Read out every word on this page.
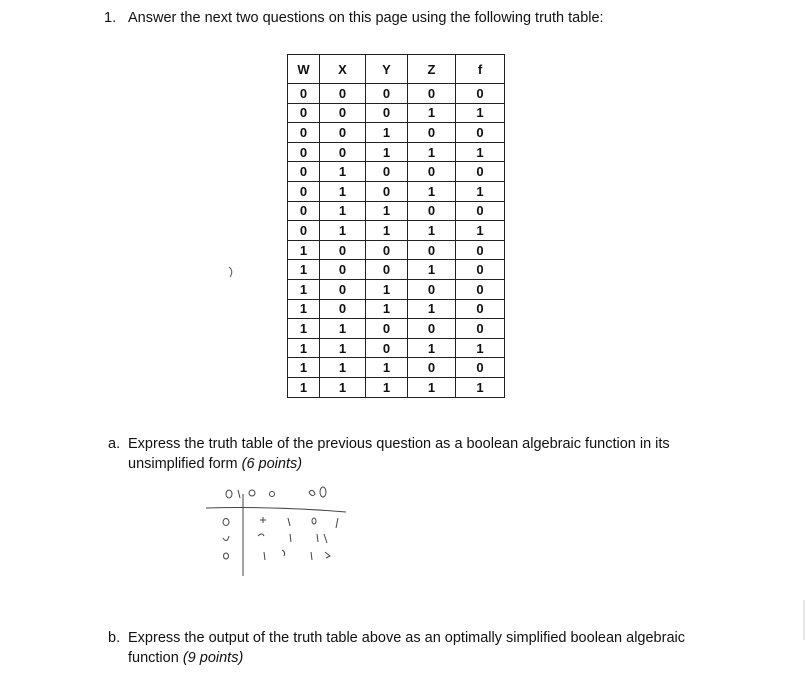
1. Answer the next two questions on this page using the following truth table:
W	X	Y	Z	f
0	0	0	0	0
0	0	0	1	1
0	0	1	0	0
0	0	1	1	1
0	1	0	0	0
0	1	0	1	1
0	1	1	0	0
0	1	1	1	1
1	0	0	0	0
1	0	0	1	0
1	0	1	0	0
1	0	1	1	0
1	1	0	0	0
1	1	0	1	1
1	1	1	0	0
1	1	1	1	1
a. Express the truth table of the previous question as a boolean algebraic function in its
unsimplified form (6 points)
b. Express the output of the truth table above as an optimally simplified boolean algebraic
function (9 points)
